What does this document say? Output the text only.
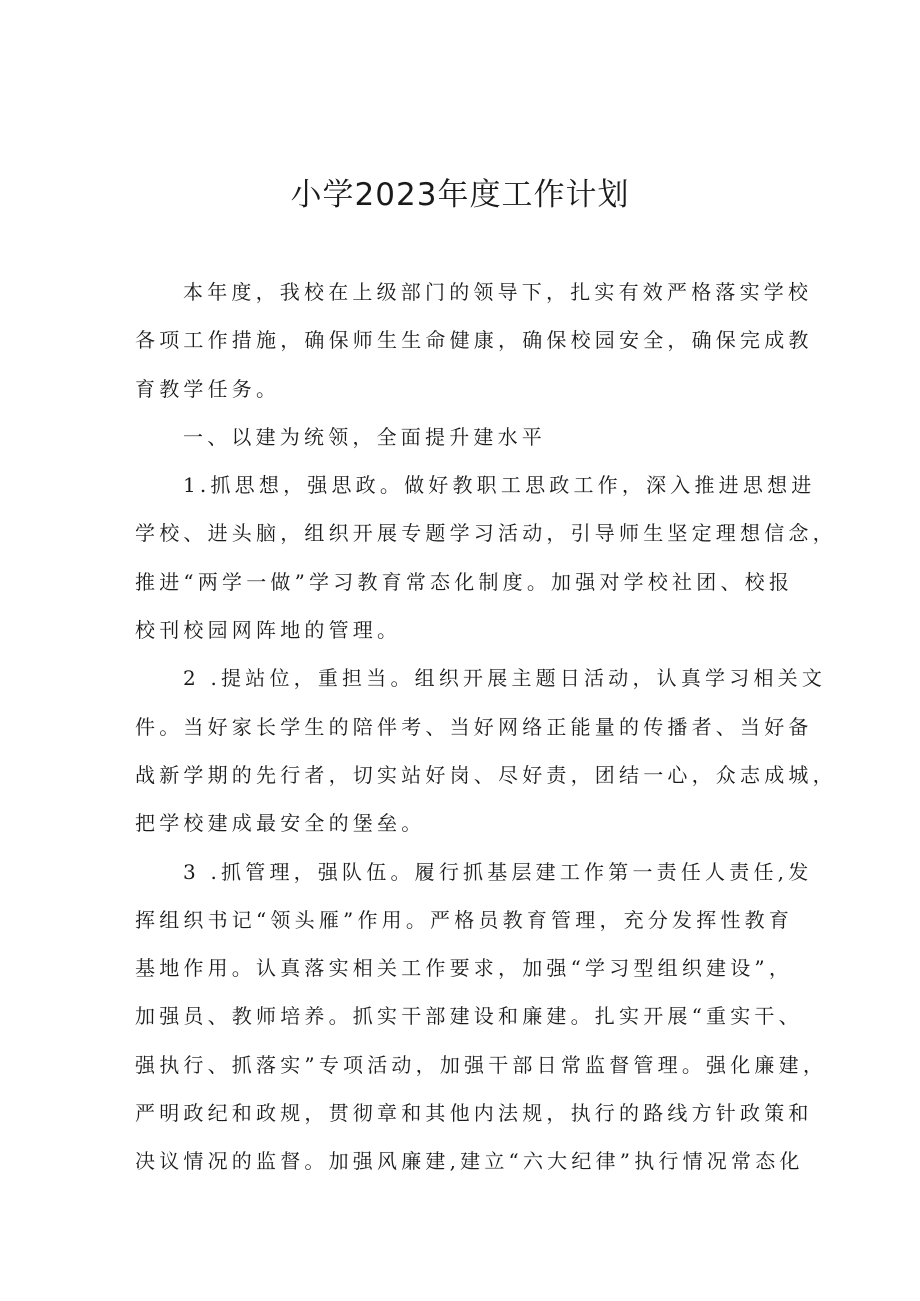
小学2023年度工作计划

本年度，我校在上级部门的领导下，扎实有效严格落实学校
各项工作措施，确保师生生命健康，确保校园安全，确保完成教
育教学任务。

一、以建为统领，全面提升建水平

1.抓思想，强思政。做好教职工思政工作，深入推进思想进
学校、进头脑，组织开展专题学习活动，引导师生坚定理想信念，
推进“两学一做”学习教育常态化制度。加强对学校社团、校报
校刊校园网阵地的管理。

2 .提站位，重担当。组织开展主题日活动，认真学习相关文
件。当好家长学生的陪伴考、当好网络正能量的传播者、当好备
战新学期的先行者，切实站好岗、尽好责，团结一心，众志成城，
把学校建成最安全的堡垒。

3 .抓管理，强队伍。履行抓基层建工作第一责任人责任,发
挥组织书记“领头雁”作用。严格员教育管理，充分发挥性教育
基地作用。认真落实相关工作要求，加强“学习型组织建设”，
加强员、教师培养。抓实干部建设和廉建。扎实开展“重实干、
强执行、抓落实”专项活动，加强干部日常监督管理。强化廉建，
严明政纪和政规，贯彻章和其他内法规，执行的路线方针政策和
决议情况的监督。加强风廉建,建立“六大纪律”执行情况常态化
